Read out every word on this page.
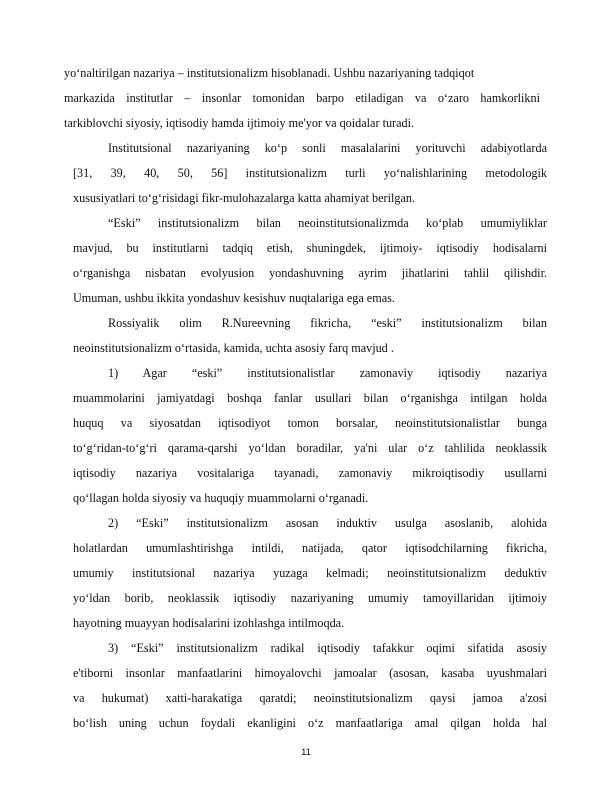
yo‘naltirilgan nazariya – institutsionalizm hisoblanadi. Ushbu nazariyaning tadqiqot
markazida institutlar – insonlar tomonidan barpo etiladigan va o‘zaro hamkorlikni
tarkiblovchi siyosiy, iqtisodiy hamda ijtimoiy me'yor va qoidalar turadi.
Institutsional nazariyaning ko‘p sonli masalalarini yorituvchi adabiyotlarda
[31, 39, 40, 50, 56] institutsionalizm turli yo‘nalishlarining metodologik
xususiyatlari to‘g‘risidagi fikr-mulohazalarga katta ahamiyat berilgan.
“Eski” institutsionalizm bilan neoinstitutsionalizmda ko‘plab umumiyliklar
mavjud, bu institutlarni tadqiq etish, shuningdek, ijtimoiy- iqtisodiy hodisalarni
o‘rganishga nisbatan evolyusion yondashuvning ayrim jihatlarini tahlil qilishdir.
Umuman, ushbu ikkita yondashuv kesishuv nuqtalariga ega emas.
Rossiyalik olim R.Nureevning fikricha, “eski” institutsionalizm bilan
neoinstitutsionalizm o‘rtasida, kamida, uchta asosiy farq mavjud .
1) Agar “eski” institutsionalistlar zamonaviy iqtisodiy nazariya
muammolarini jamiyatdagi boshqa fanlar usullari bilan o‘rganishga intilgan holda
huquq va siyosatdan iqtisodiyot tomon borsalar, neoinstitutsionalistlar bunga
to‘g‘ridan-to‘g‘ri qarama-qarshi yo‘ldan boradilar, ya'ni ular o‘z tahlilida neoklassik
iqtisodiy nazariya vositalariga tayanadi, zamonaviy mikroiqtisodiy usullarni
qo‘llagan holda siyosiy va huquqiy muammolarni o‘rganadi.
2) “Eski” institutsionalizm asosan induktiv usulga asoslanib, alohida
holatlardan umumlashtirishga intildi, natijada, qator iqtisodchilarning fikricha,
umumiy institutsional nazariya yuzaga kelmadi; neoinstitutsionalizm deduktiv
yo‘ldan borib, neoklassik iqtisodiy nazariyaning umumiy tamoyillaridan ijtimoiy
hayotning muayyan hodisalarini izohlashga intilmoqda.
3) “Eski” institutsionalizm radikal iqtisodiy tafakkur oqimi sifatida asosiy
e'tiborni insonlar manfaatlarini himoyalovchi jamoalar (asosan, kasaba uyushmalari
va hukumat) xatti-harakatiga qaratdi; neoinstitutsionalizm qaysi jamoa a'zosi
bo‘lish uning uchun foydali ekanligini o‘z manfaatlariga amal qilgan holda hal
11
